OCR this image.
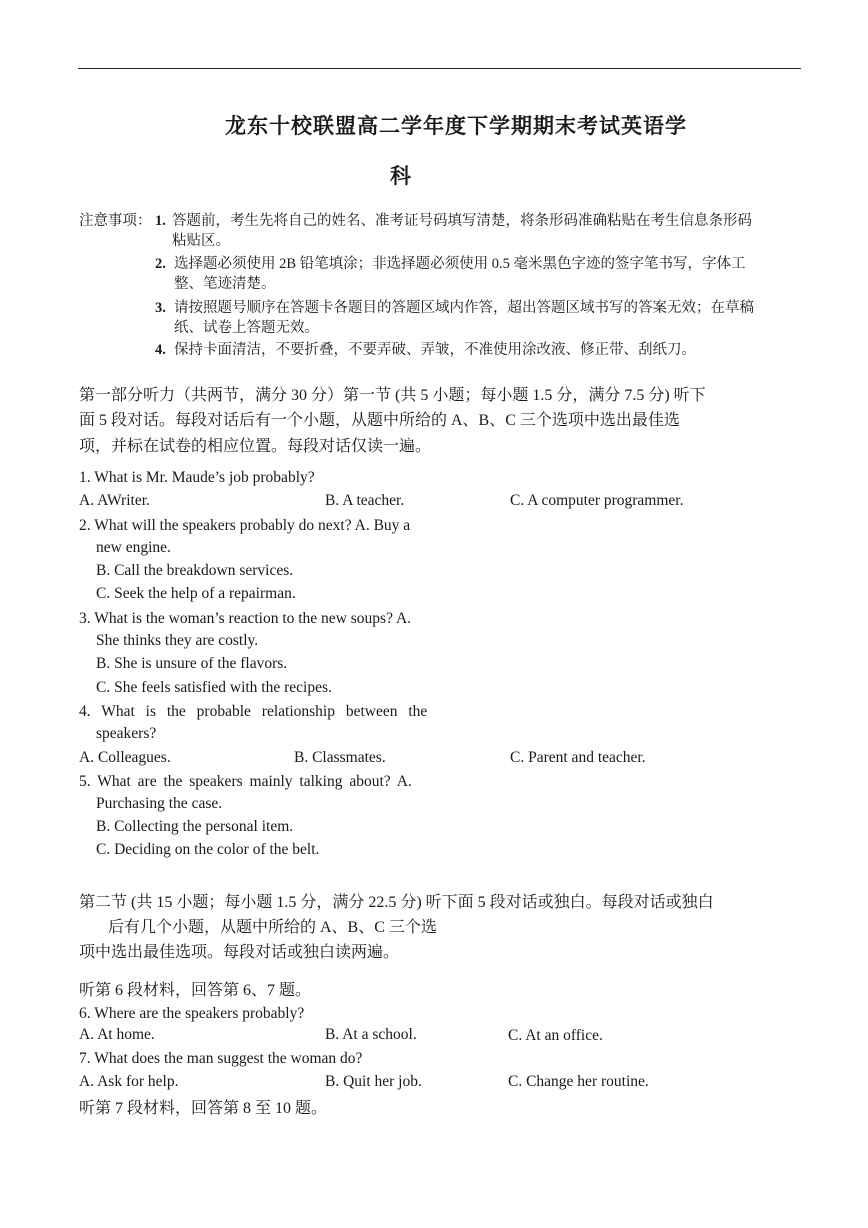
龙东十校联盟高二学年度下学期期末考试英语学
科
注意事项： 1. 答题前，考生先将自己的姓名、准考证号码填写清楚，将条形码准确粘贴在考生信息条形码
粘贴区。
2. 选择题必须使用 2B 铅笔填涂；非选择题必须使用 0.5 毫米黑色字迹的签字笔书写，字体工
整、笔迹清楚。
3. 请按照题号顺序在答题卡各题目的答题区域内作答，超出答题区域书写的答案无效；在草稿
纸、试卷上答题无效。
4. 保持卡面清洁，不要折叠，不要弄破、弄皱，不准使用涂改液、修正带、刮纸刀。
第一部分听力（共两节，满分 30 分）第一节 (共 5 小题；每小题 1.5 分，满分 7.5 分) 听下
面 5 段对话。每段对话后有一个小题，从题中所给的 A、B、C 三个选项中选出最佳选
项，并标在试卷的相应位置。每段对话仅读一遍。
1. What is Mr. Maude’s job probably?
A. AWriter.	B. A teacher.	C. A computer programmer.
2. What will the speakers probably do next? A. Buy a
new engine.
B. Call the breakdown services.
C. Seek the help of a repairman.
3. What is the woman’s reaction to the new soups? A.
She thinks they are costly.
B. She is unsure of the flavors.
C. She feels satisfied with the recipes.
4. What is the probable relationship between the
speakers?
A. Colleagues.	B. Classmates.	C. Parent and teacher.
5. What are the speakers mainly talking about? A.
Purchasing the case.
B. Collecting the personal item.
C. Deciding on the color of the belt.
第二节 (共 15 小题；每小题 1.5 分，满分 22.5 分) 听下面 5 段对话或独白。每段对话或独白
后有几个小题，从题中所给的 A、B、C 三个选
项中选出最佳选项。每段对话或独白读两遍。
听第 6 段材料，回答第 6、7 题。
6. Where are the speakers probably?
A. At home.	B. At a school.	C. At an office.
7. What does the man suggest the woman do?
A. Ask for help.	B. Quit her job.	C. Change her routine.
听第 7 段材料，回答第 8 至 10 题。
